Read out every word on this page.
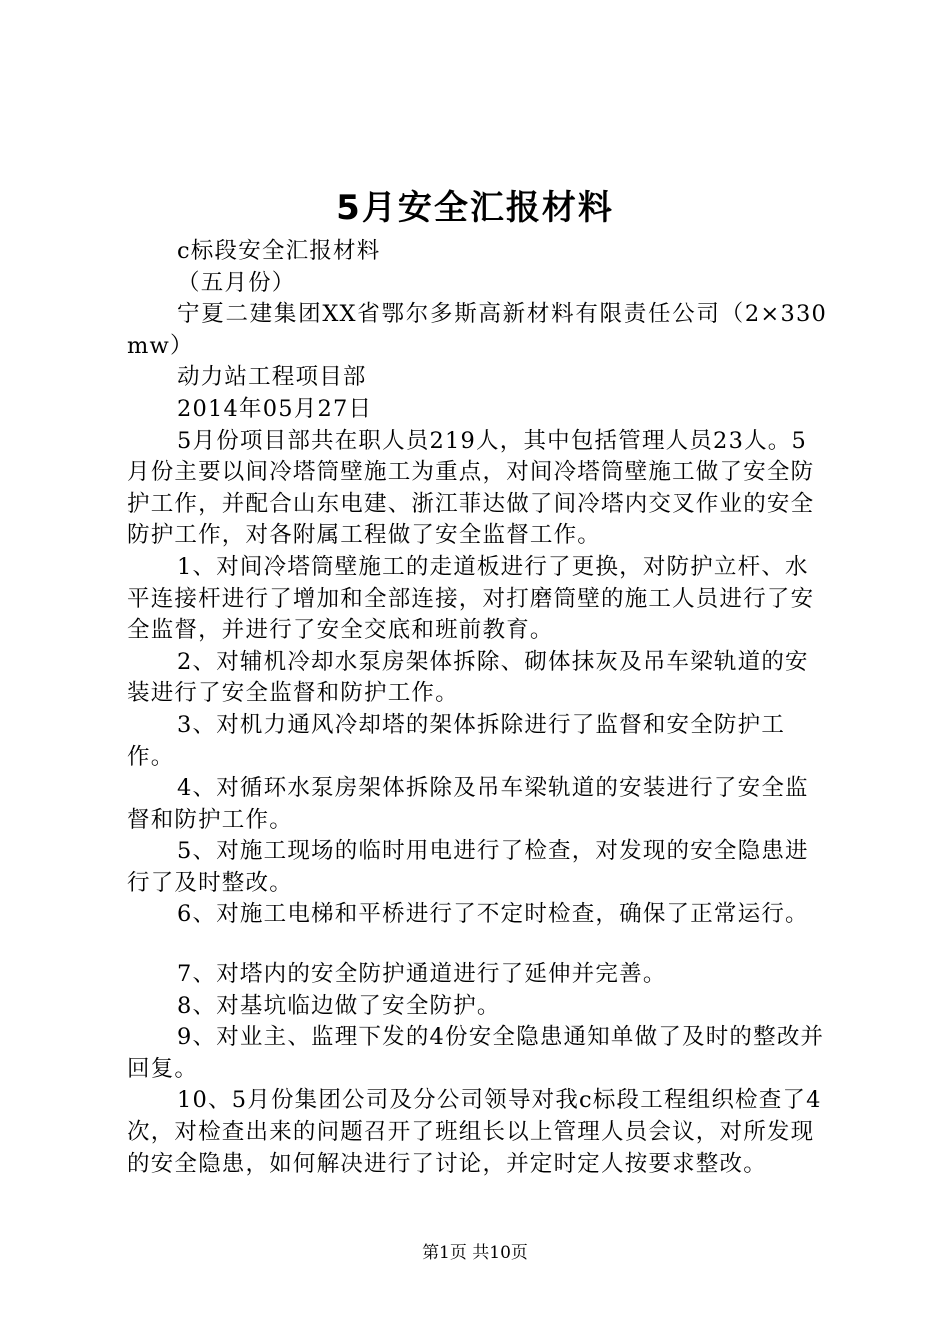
5月安全汇报材料

c标段安全汇报材料

（五月份）

宁夏二建集团XX省鄂尔多斯高新材料有限责任公司（2×330mw）

动力站工程项目部

2014年05月27日

5月份项目部共在职人员219人，其中包括管理人员23人。5月份主要以间冷塔筒壁施工为重点，对间冷塔筒壁施工做了安全防护工作，并配合山东电建、浙江菲达做了间冷塔内交叉作业的安全防护工作，对各附属工程做了安全监督工作。

1、对间冷塔筒壁施工的走道板进行了更换，对防护立杆、水平连接杆进行了增加和全部连接，对打磨筒壁的施工人员进行了安全监督，并进行了安全交底和班前教育。

2、对辅机冷却水泵房架体拆除、砌体抹灰及吊车梁轨道的安装进行了安全监督和防护工作。

3、对机力通风冷却塔的架体拆除进行了监督和安全防护工作。

4、对循环水泵房架体拆除及吊车梁轨道的安装进行了安全监督和防护工作。

5、对施工现场的临时用电进行了检查，对发现的安全隐患进行了及时整改。

6、对施工电梯和平桥进行了不定时检查，确保了正常运行。

7、对塔内的安全防护通道进行了延伸并完善。

8、对基坑临边做了安全防护。

9、对业主、监理下发的4份安全隐患通知单做了及时的整改并回复。

10、5月份集团公司及分公司领导对我c标段工程组织检查了4次，对检查出来的问题召开了班组长以上管理人员会议，对所发现的安全隐患，如何解决进行了讨论，并定时定人按要求整改。

第1页 共10页
